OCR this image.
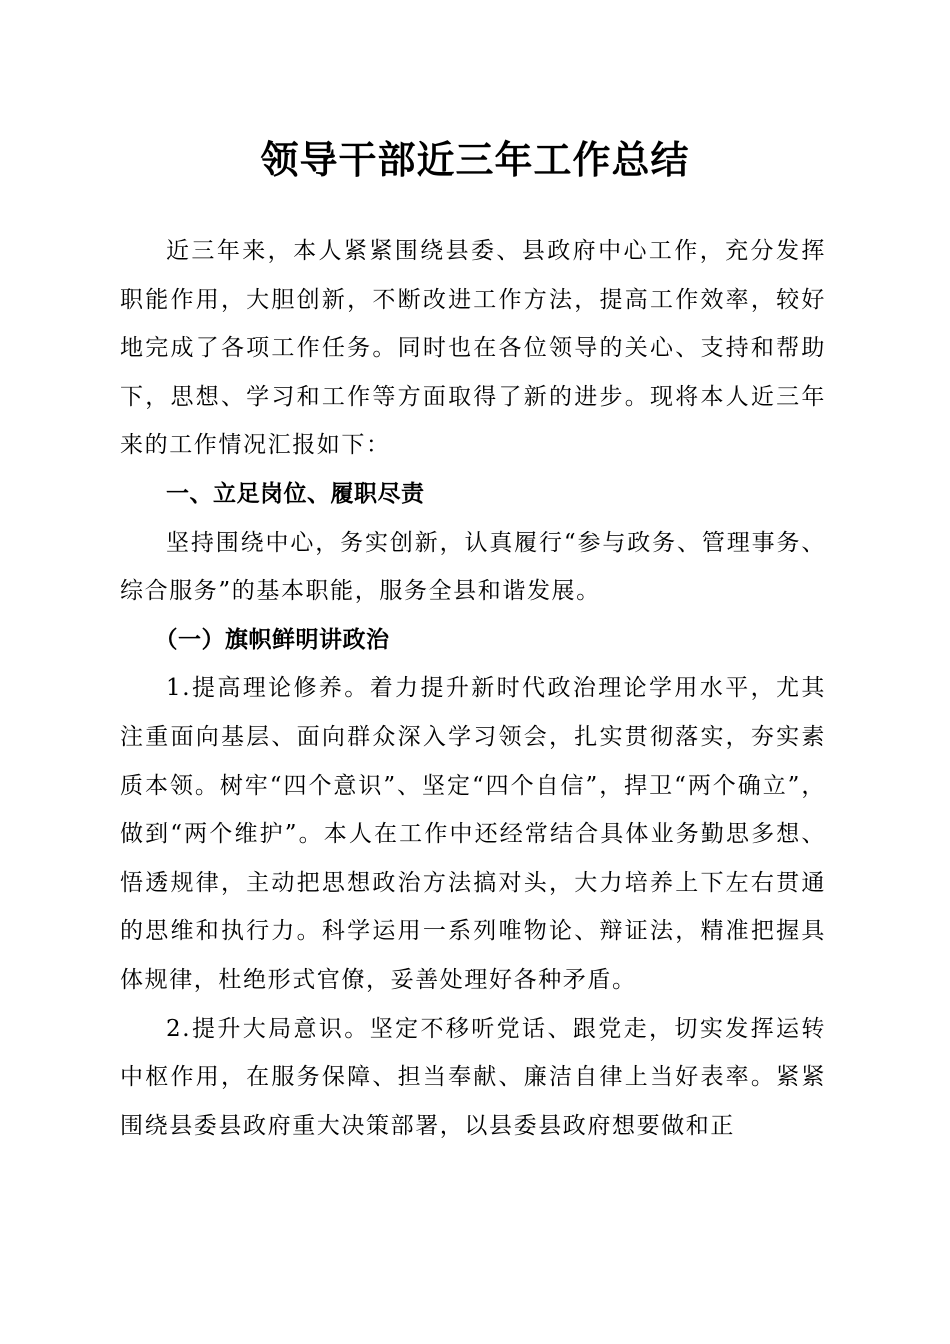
领导干部近三年工作总结

近三年来，本人紧紧围绕县委、县政府中心工作，充分发挥职能作用，大胆创新，不断改进工作方法，提高工作效率，较好地完成了各项工作任务。同时也在各位领导的关心、支持和帮助下，思想、学习和工作等方面取得了新的进步。现将本人近三年来的工作情况汇报如下：

一、立足岗位、履职尽责

坚持围绕中心，务实创新，认真履行“参与政务、管理事务、综合服务”的基本职能，服务全县和谐发展。

（一）旗帜鲜明讲政治

1.提高理论修养。着力提升新时代政治理论学用水平，尤其注重面向基层、面向群众深入学习领会，扎实贯彻落实，夯实素质本领。树牢“四个意识”、坚定“四个自信”，捍卫“两个确立”，做到“两个维护”。本人在工作中还经常结合具体业务勤思多想、悟透规律，主动把思想政治方法搞对头，大力培养上下左右贯通的思维和执行力。科学运用一系列唯物论、辩证法，精准把握具体规律，杜绝形式官僚，妥善处理好各种矛盾。

2.提升大局意识。坚定不移听党话、跟党走，切实发挥运转中枢作用，在服务保障、担当奉献、廉洁自律上当好表率。紧紧围绕县委县政府重大决策部署，以县委县政府想要做和正
